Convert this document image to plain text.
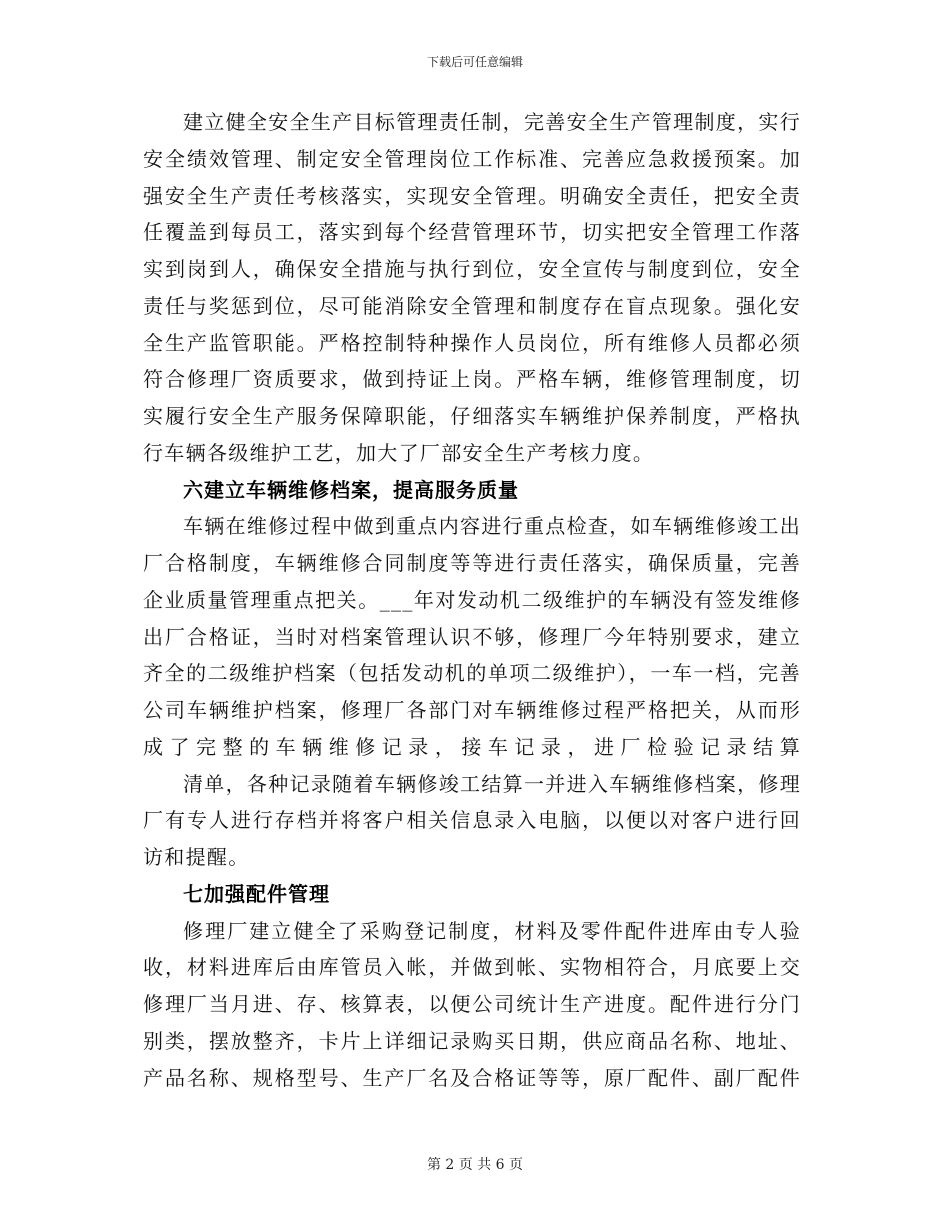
下载后可任意编辑

建立健全安全生产目标管理责任制，完善安全生产管理制度，实行安全绩效管理、制定安全管理岗位工作标准、完善应急救援预案。加强安全生产责任考核落实，实现安全管理。明确安全责任，把安全责任覆盖到每员工，落实到每个经营管理环节，切实把安全管理工作落实到岗到人，确保安全措施与执行到位，安全宣传与制度到位，安全责任与奖惩到位，尽可能消除安全管理和制度存在盲点现象。强化安全生产监管职能。严格控制特种操作人员岗位，所有维修人员都必须符合修理厂资质要求，做到持证上岗。严格车辆，维修管理制度，切实履行安全生产服务保障职能，仔细落实车辆维护保养制度，严格执行车辆各级维护工艺，加大了厂部安全生产考核力度。

六建立车辆维修档案，提高服务质量

车辆在维修过程中做到重点内容进行重点检查，如车辆维修竣工出厂合格制度，车辆维修合同制度等等进行责任落实，确保质量，完善企业质量管理重点把关。___年对发动机二级维护的车辆没有签发维修出厂合格证，当时对档案管理认识不够，修理厂今年特别要求，建立齐全的二级维护档案（包括发动机的单项二级维护），一车一档，完善公司车辆维护档案，修理厂各部门对车辆维修过程严格把关，从而形成了完整的车辆维修记录，接车记录，进厂检验记录结算

清单，各种记录随着车辆修竣工结算一并进入车辆维修档案，修理厂有专人进行存档并将客户相关信息录入电脑，以便以对客户进行回访和提醒。

七加强配件管理

修理厂建立健全了采购登记制度，材料及零件配件进库由专人验收，材料进库后由库管员入帐，并做到帐、实物相符合，月底要上交修理厂当月进、存、核算表，以便公司统计生产进度。配件进行分门别类，摆放整齐，卡片上详细记录购买日期，供应商品名称、地址、产品名称、规格型号、生产厂名及合格证等等，原厂配件、副厂配件

第 2 页 共 6 页
